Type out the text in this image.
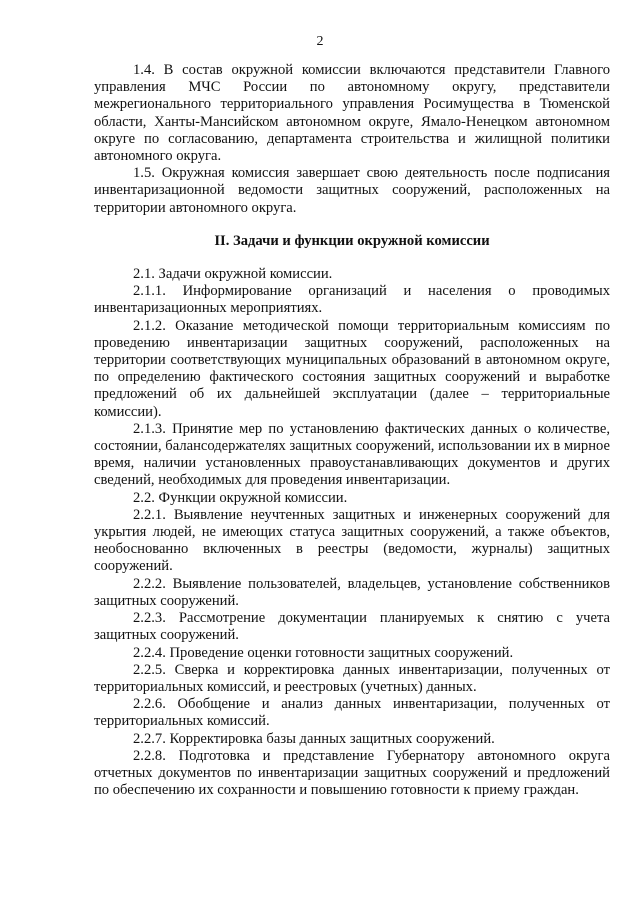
2

1.4. В состав окружной комиссии включаются представители Главного управления МЧС России по автономному округу, представители межрегионального территориального управления Росимущества в Тюменской области, Ханты-Мансийском автономном округе, Ямало-Ненецком автономном округе по согласованию, департамента строительства и жилищной политики автономного округа.

1.5. Окружная комиссия завершает свою деятельность после подписания инвентаризационной ведомости защитных сооружений, расположенных на территории автономного округа.

II. Задачи и функции окружной комиссии

2.1. Задачи окружной комиссии.

2.1.1. Информирование организаций и населения о проводимых инвентаризационных мероприятиях.

2.1.2. Оказание методической помощи территориальным комиссиям по проведению инвентаризации защитных сооружений, расположенных на территории соответствующих муниципальных образований в автономном округе, по определению фактического состояния защитных сооружений и выработке предложений об их дальнейшей эксплуатации (далее – территориальные комиссии).

2.1.3. Принятие мер по установлению фактических данных о количестве, состоянии, балансодержателях защитных сооружений, использовании их в мирное время, наличии установленных правоустанавливающих документов и других сведений, необходимых для проведения инвентаризации.

2.2. Функции окружной комиссии.

2.2.1. Выявление неучтенных защитных и инженерных сооружений для укрытия людей, не имеющих статуса защитных сооружений, а также объектов, необоснованно включенных в реестры (ведомости, журналы) защитных сооружений.

2.2.2. Выявление пользователей, владельцев, установление собственников защитных сооружений.

2.2.3. Рассмотрение документации планируемых к снятию с учета защитных сооружений.

2.2.4. Проведение оценки готовности защитных сооружений.

2.2.5. Сверка и корректировка данных инвентаризации, полученных от территориальных комиссий, и реестровых (учетных) данных.

2.2.6. Обобщение и анализ данных инвентаризации, полученных от территориальных комиссий.

2.2.7. Корректировка базы данных защитных сооружений.

2.2.8. Подготовка и представление Губернатору автономного округа отчетных документов по инвентаризации защитных сооружений и предложений по обеспечению их сохранности и повышению готовности к приему граждан.
